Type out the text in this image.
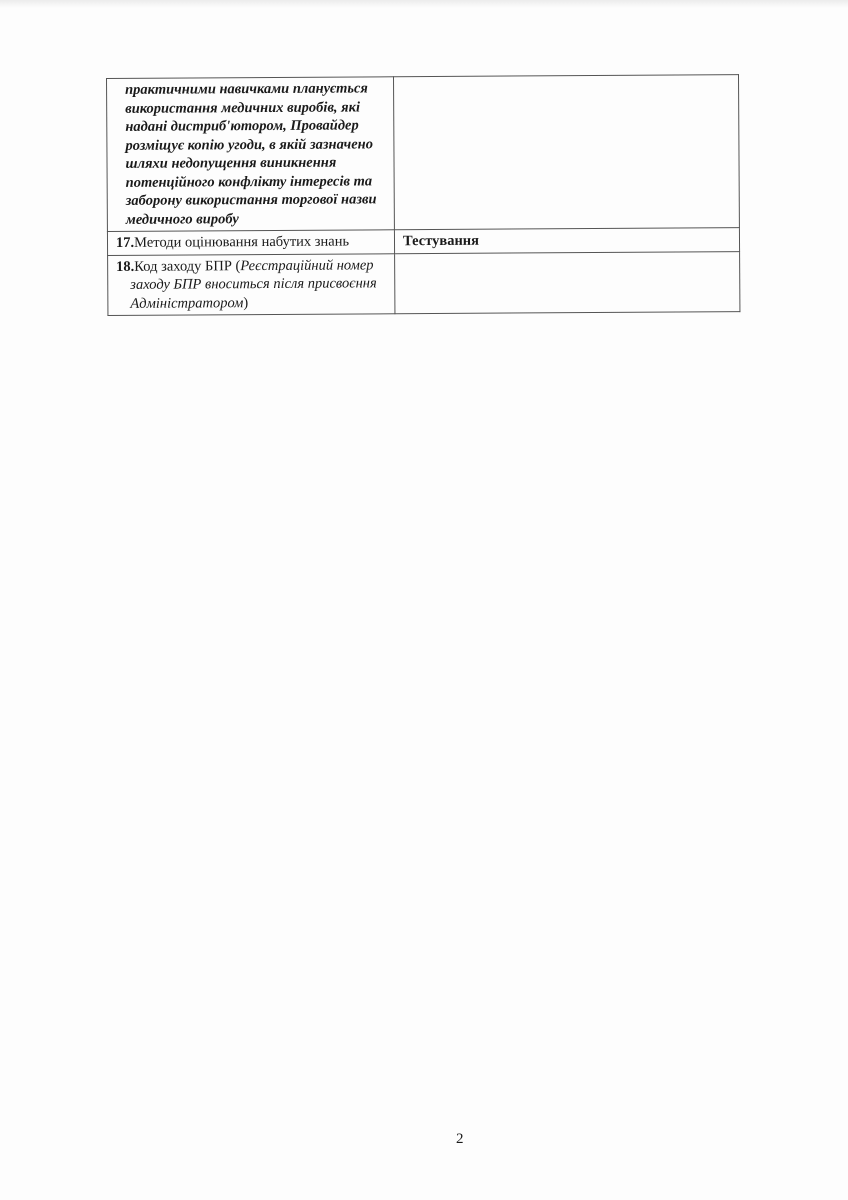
практичними навичками планується використання медичних виробів, які надані дистриб'ютором, Провайдер розміщує копію угоди, в якій зазначено шляхи недопущення виникнення потенційного конфлікту інтересів та заборону використання торгової назви медичного виробу	

17.Методи оцінювання набутих знань	Тестування

18.Код заходу БПР (Реєстраційний номер заходу БПР вноситься після присвоєння Адміністратором)	

2
